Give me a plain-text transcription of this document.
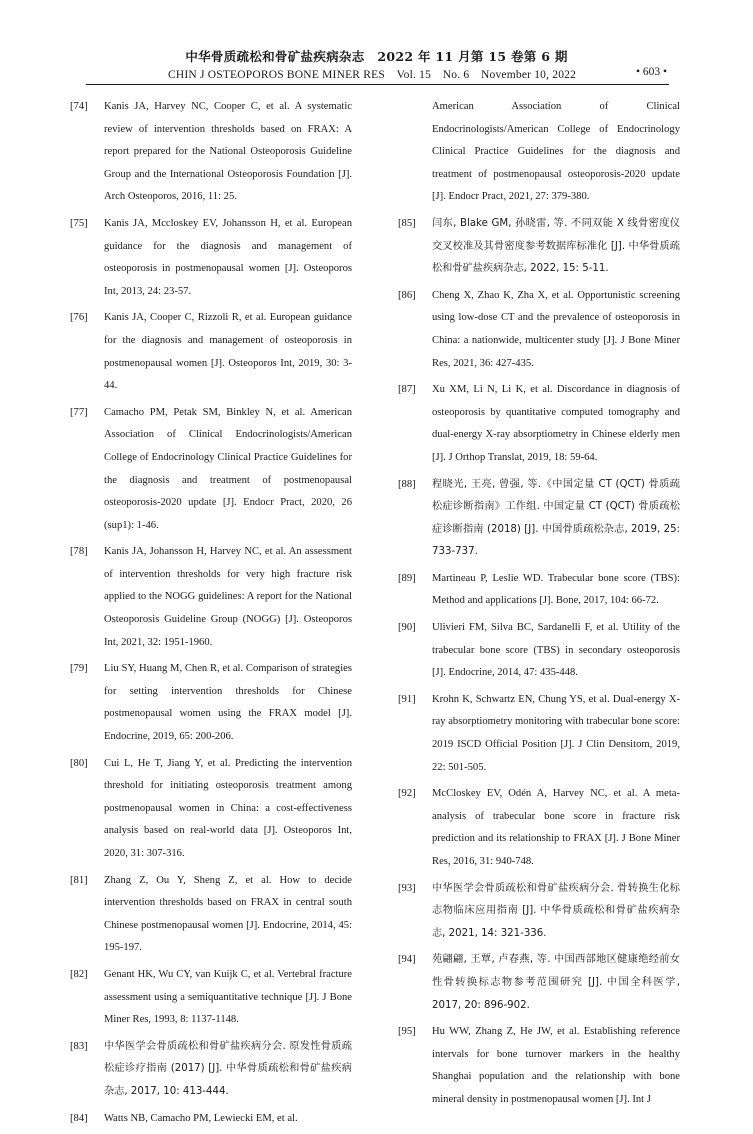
中华骨质疏松和骨矿盐疾病杂志　2022 年 11 月第 15 卷第 6 期
CHIN J OSTEOPOROS BONE MINER RES　Vol. 15　No. 6　November 10, 2022	• 603 •
[74]	Kanis JA, Harvey NC, Cooper C, et al. A systematic review of intervention thresholds based on FRAX: A report prepared for the National Osteoporosis Guideline Group and the International Osteoporosis Foundation [J]. Arch Osteoporos, 2016, 11: 25.
[75]	Kanis JA, Mccloskey EV, Johansson H, et al. European guidance for the diagnosis and management of osteoporosis in postmenopausal women [J]. Osteoporos Int, 2013, 24: 23-57.
[76]	Kanis JA, Cooper C, Rizzoli R, et al. European guidance for the diagnosis and management of osteoporosis in postmenopausal women [J]. Osteoporos Int, 2019, 30: 3-44.
[77]	Camacho PM, Petak SM, Binkley N, et al. American Association of Clinical Endocrinologists/American College of Endocrinology Clinical Practice Guidelines for the diagnosis and treatment of postmenopausal osteoporosis-2020 update [J]. Endocr Pract, 2020, 26 (sup1): 1-46.
[78]	Kanis JA, Johansson H, Harvey NC, et al. An assessment of intervention thresholds for very high fracture risk applied to the NOGG guidelines: A report for the National Osteoporosis Guideline Group (NOGG) [J]. Osteoporos Int, 2021, 32: 1951-1960.
[79]	Liu SY, Huang M, Chen R, et al. Comparison of strategies for setting intervention thresholds for Chinese postmenopausal women using the FRAX model [J]. Endocrine, 2019, 65: 200-206.
[80]	Cui L, He T, Jiang Y, et al. Predicting the intervention threshold for initiating osteoporosis treatment among postmenopausal women in China: a cost-effectiveness analysis based on real-world data [J]. Osteoporos Int, 2020, 31: 307-316.
[81]	Zhang Z, Ou Y, Sheng Z, et al. How to decide intervention thresholds based on FRAX in central south Chinese postmenopausal women [J]. Endocrine, 2014, 45: 195-197.
[82]	Genant HK, Wu CY, van Kuijk C, et al. Vertebral fracture assessment using a semiquantitative technique [J]. J Bone Miner Res, 1993, 8: 1137-1148.
[83]	中华医学会骨质疏松和骨矿盐疾病分会. 原发性骨质疏松症诊疗指南 (2017) [J]. 中华骨质疏松和骨矿盐疾病杂志, 2017, 10: 413-444.
[84]	Watts NB, Camacho PM, Lewiecki EM, et al.
American Association of Clinical Endocrinologists/American College of Endocrinology Clinical Practice Guidelines for the diagnosis and treatment of postmenopausal osteoporosis-2020 update [J]. Endocr Pract, 2021, 27: 379-380.
[85]	闫东, Blake GM, 孙晓雷, 等. 不同双能 X 线骨密度仪交叉校准及其骨密度参考数据库标准化 [J]. 中华骨质疏松和骨矿盐疾病杂志, 2022, 15: 5-11.
[86]	Cheng X, Zhao K, Zha X, et al. Opportunistic screening using low-dose CT and the prevalence of osteoporosis in China: a nationwide, multicenter study [J]. J Bone Miner Res, 2021, 36: 427-435.
[87]	Xu XM, Li N, Li K, et al. Discordance in diagnosis of osteoporosis by quantitative computed tomography and dual-energy X-ray absorptiometry in Chinese elderly men [J]. J Orthop Translat, 2019, 18: 59-64.
[88]	程晓光, 王亮, 曾强, 等.《中国定量 CT (QCT) 骨质疏松症诊断指南》工作组. 中国定量 CT (QCT) 骨质疏松症诊断指南 (2018) [J]. 中国骨质疏松杂志, 2019, 25: 733-737.
[89]	Martineau P, Leslie WD. Trabecular bone score (TBS): Method and applications [J]. Bone, 2017, 104: 66-72.
[90]	Ulivieri FM, Silva BC, Sardanelli F, et al. Utility of the trabecular bone score (TBS) in secondary osteoporosis [J]. Endocrine, 2014, 47: 435-448.
[91]	Krohn K, Schwartz EN, Chung YS, et al. Dual-energy X-ray absorptiometry monitoring with trabecular bone score: 2019 ISCD Official Position [J]. J Clin Densitom, 2019, 22: 501-505.
[92]	McCloskey EV, Odén A, Harvey NC, et al. A meta-analysis of trabecular bone score in fracture risk prediction and its relationship to FRAX [J]. J Bone Miner Res, 2016, 31: 940-748.
[93]	中华医学会骨质疏松和骨矿盐疾病分会. 骨转换生化标志物临床应用指南 [J]. 中华骨质疏松和骨矿盐疾病杂志, 2021, 14: 321-336.
[94]	苑翩翩, 王覃, 卢春燕, 等. 中国西部地区健康绝经前女性骨转换标志物参考范围研究 [J]. 中国全科医学, 2017, 20: 896-902.
[95]	Hu WW, Zhang Z, He JW, et al. Establishing reference intervals for bone turnover markers in the healthy Shanghai population and the relationship with bone mineral density in postmenopausal women [J]. Int J
